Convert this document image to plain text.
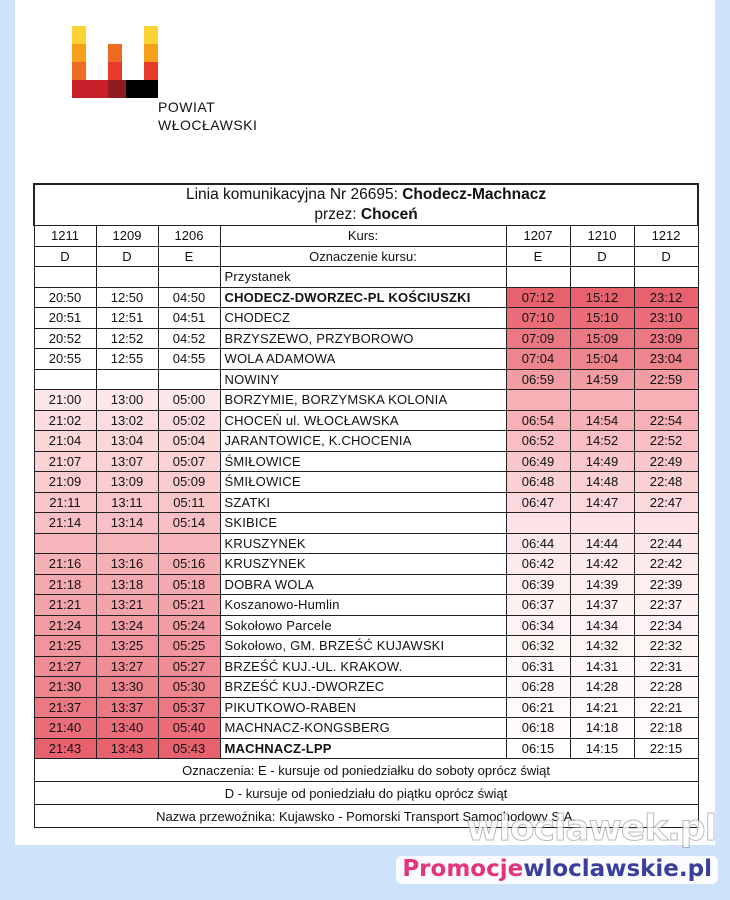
POWIAT
WŁOCŁAWSKI
Linia komunikacyjna Nr 26695: Chodecz-Machnacz
przez: Choceń						

1211	1209	1206	Kurs:	1207	1210	1212
D	D	E	Oznaczenie kursu:	E	D	D
			Przystanek			
20:50	12:50	04:50	CHODECZ-DWORZEC-PL KOŚCIUSZKI	07:12	15:12	23:12
20:51	12:51	04:51	CHODECZ	07:10	15:10	23:10
20:52	12:52	04:52	BRZYSZEWO, PRZYBOROWO	07:09	15:09	23:09
20:55	12:55	04:55	WOLA ADAMOWA	07:04	15:04	23:04
			NOWINY	06:59	14:59	22:59
21:00	13:00	05:00	BORZYMIE, BORZYMSKA KOLONIA			
21:02	13:02	05:02	CHOCEŃ ul. WŁOCŁAWSKA	06:54	14:54	22:54
21:04	13:04	05:04	JARANTOWICE, K.CHOCENIA	06:52	14:52	22:52
21:07	13:07	05:07	ŚMIŁOWICE	06:49	14:49	22:49
21:09	13:09	05:09	ŚMIŁOWICE	06:48	14:48	22:48
21:11	13:11	05:11	SZATKI	06:47	14:47	22:47
21:14	13:14	05:14	SKIBICE			
			KRUSZYNEK	06:44	14:44	22:44
21:16	13:16	05:16	KRUSZYNEK	06:42	14:42	22:42
21:18	13:18	05:18	DOBRA WOLA	06:39	14:39	22:39
21:21	13:21	05:21	Koszanowo-Humlin	06:37	14:37	22:37
21:24	13:24	05:24	Sokołowo Parcele	06:34	14:34	22:34
21:25	13:25	05:25	Sokołowo, GM. BRZEŚĆ KUJAWSKI	06:32	14:32	22:32
21:27	13:27	05:27	BRZEŚĆ KUJ.-UL. KRAKOW.	06:31	14:31	22:31
21:30	13:30	05:30	BRZEŚĆ KUJ.-DWORZEC	06:28	14:28	22:28
21:37	13:37	05:37	PIKUTKOWO-RABEN	06:21	14:21	22:21
21:40	13:40	05:40	MACHNACZ-KONGSBERG	06:18	14:18	22:18
21:43	13:43	05:43	MACHNACZ-LPP	06:15	14:15	22:15
Oznaczenia: E - kursuje od poniedziałku do soboty oprócz świąt						
D - kursuje od poniedziału do piątku oprócz świąt						
Nazwa przewoźnika: Kujawsko - Pomorski Transport Samochodowy S.A.						
wloclawek.pl
Promocjewloclawskie.pl
